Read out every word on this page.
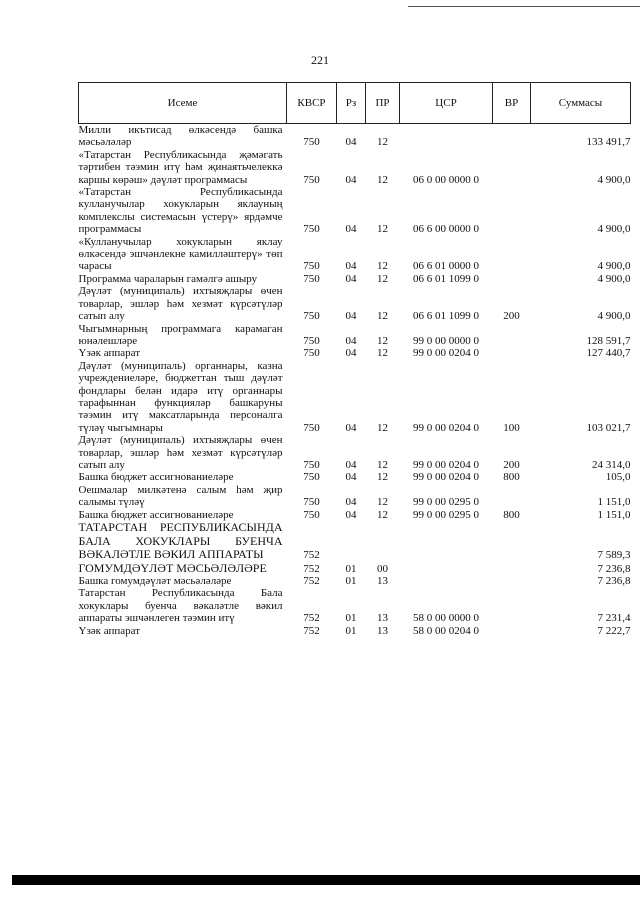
221
Исеме	КВСР	Рз	ПР	ЦСР	ВР	Суммасы
Милли икътисад өлкәсендә башка мәсьәләләр	750	04	12			133 491,7
«Татарстан Республикасында җәмәгать тәртибен тәэмин итү һәм җинаятьчелеккә каршы көрәш» дәүләт программасы	750	04	12	06 0 00 0000 0		4 900,0
«Татарстан Республикасында кулланучылар хокукларын яклауның комплекслы системасын үстерү» ярдәмче программасы	750	04	12	06 6 00 0000 0		4 900,0
«Кулланучылар хокукларын яклау өлкәсендә эшчәнлекне камилләштерү» төп чарасы	750	04	12	06 6 01 0000 0		4 900,0
Программа чараларын гамәлгә ашыру	750	04	12	06 6 01 1099 0		4 900,0
Дәүләт (муниципаль) ихтыяҗлары өчен товарлар, эшләр һәм хезмәт күрсәтүләр сатып алу	750	04	12	06 6 01 1099 0	200	4 900,0
Чыгымнарның программага карамаган юнәлешләре	750	04	12	99 0 00 0000 0		128 591,7
Үзәк аппарат	750	04	12	99 0 00 0204 0		127 440,7
Дәүләт (муниципаль) органнары, казна учреждениеләре, бюджеттан тыш дәүләт фондлары белән идарә итү органнары тарафыннан функцияләр башкаруны тәэмин итү максатларында персоналга түләү чыгымнары	750	04	12	99 0 00 0204 0	100	103 021,7
Дәүләт (муниципаль) ихтыяҗлары өчен товарлар, эшләр һәм хезмәт күрсәтүләр сатып алу	750	04	12	99 0 00 0204 0	200	24 314,0
Башка бюджет ассигнованиеләре	750	04	12	99 0 00 0204 0	800	105,0
Оешмалар милкәтенә салым һәм җир салымы түләү	750	04	12	99 0 00 0295 0		1 151,0
Башка бюджет ассигнованиеләре	750	04	12	99 0 00 0295 0	800	1 151,0
ТАТАРСТАН РЕСПУБЛИКАСЫНДА БАЛА ХОКУКЛАРЫ БУЕНЧА ВӘКАЛӘТЛЕ ВӘКИЛ АППАРАТЫ	752					7 589,3
ГОМУМДӘҮЛӘТ МӘСЬӘЛӘЛӘРЕ	752	01	00			7 236,8
Башка гомумдәүләт мәсьәләләре	752	01	13			7 236,8
Татарстан Республикасында Бала хокуклары буенча вәкаләтле вәкил аппараты эшчәнлеген тәэмин итү	752	01	13	58 0 00 0000 0		7 231,4
Үзәк аппарат	752	01	13	58 0 00 0204 0		7 222,7
